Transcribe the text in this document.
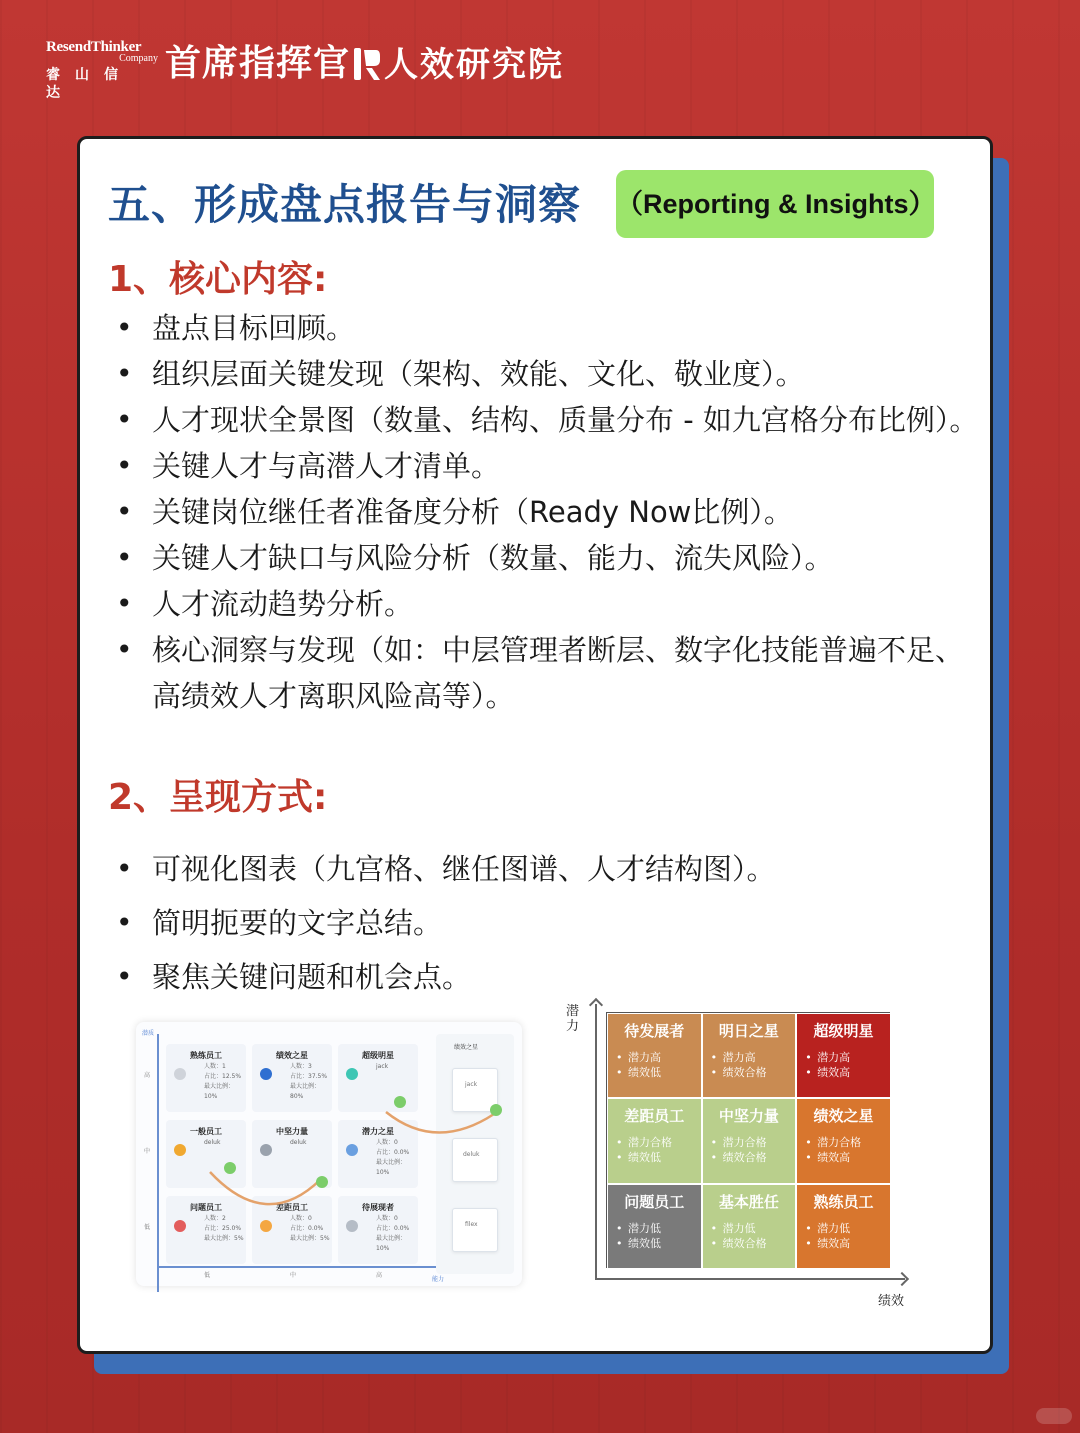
ResendThinker
Company
睿山信达
首席指挥官 人效研究院
五、形成盘点报告与洞察 （Reporting & Insights）
1、核心内容:
• 盘点目标回顾。
• 组织层面关键发现（架构、效能、文化、敬业度）。
• 人才现状全景图（数量、结构、质量分布 - 如九宫格分布比例）。
• 关键人才与高潜人才清单。
• 关键岗位继任者准备度分析（Ready Now比例）。
• 关键人才缺口与风险分析（数量、能力、流失风险）。
• 人才流动趋势分析。
• 核心洞察与发现（如：中层管理者断层、数字化技能普遍不足、高绩效人才离职风险高等）。
2、呈现方式:
• 可视化图表（九宫格、继任图谱、人才结构图）。
• 简明扼要的文字总结。
• 聚焦关键问题和机会点。
潜质
能力
高
中
低
低	中	高
熟练员工
人数：1
占比：12.5%
最大比例：10%
绩效之星
人数：3
占比：37.5%
最大比例：80%
超级明星
jack
一般员工
deluk
中坚力量
deluk
潜力之星
人数：0
占比：0.0%
最大比例：10%
问题员工
人数：2
占比：25.0%
最大比例：5%
差距员工
人数：0
占比：0.0%
最大比例：5%
待展现者
人数：0
占比：0.0%
最大比例：10%
绩效之星
jack
deluk
filex
潜力
绩效
待发展者
• 潜力高
• 绩效低
明日之星
• 潜力高
• 绩效合格
超级明星
• 潜力高
• 绩效高
差距员工
• 潜力合格
• 绩效低
中坚力量
• 潜力合格
• 绩效合格
绩效之星
• 潜力合格
• 绩效高
问题员工
• 潜力低
• 绩效低
基本胜任
• 潜力低
• 绩效合格
熟练员工
• 潜力低
• 绩效高
